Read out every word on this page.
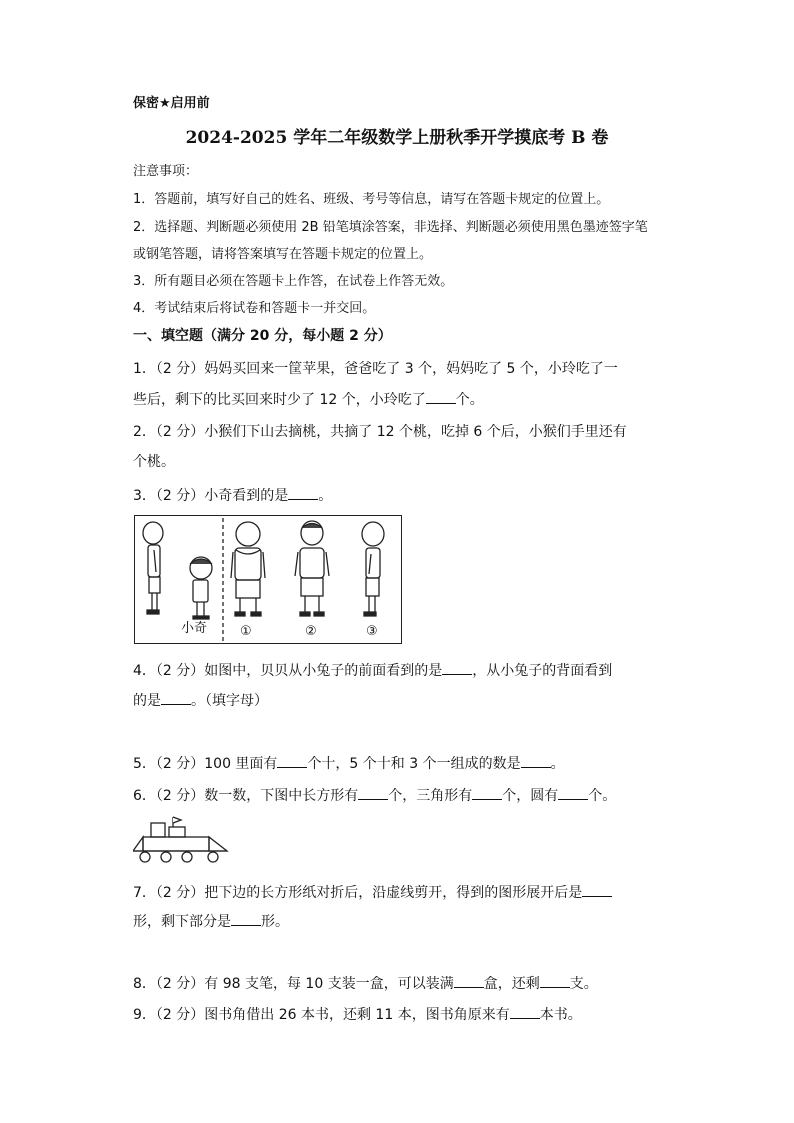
保密★启用前
2024-2025 学年二年级数学上册秋季开学摸底考 B 卷
注意事项：
1．答题前，填写好自己的姓名、班级、考号等信息，请写在答题卡规定的位置上。
2．选择题、判断题必须使用 2B 铅笔填涂答案，非选择、判断题必须使用黑色墨迹签字笔
或钢笔答题，请将答案填写在答题卡规定的位置上。
3．所有题目必须在答题卡上作答，在试卷上作答无效。
4．考试结束后将试卷和答题卡一并交回。
一、填空题（满分 20 分，每小题 2 分）
1．（2 分）妈妈买回来一筐苹果，爸爸吃了 3 个，妈妈吃了 5 个，小玲吃了一
些后，剩下的比买回来时少了 12 个，小玲吃了 个。
2．（2 分）小猴们下山去摘桃，共摘了 12 个桃，吃掉 6 个后，小猴们手里还有
个桃。
3．（2 分）小奇看到的是 。
小奇	①	②	③
4．（2 分）如图中，贝贝从小兔子的前面看到的是 ，从小兔子的背面看到
的是 。（填字母）
5．（2 分）100 里面有 个十，5 个十和 3 个一组成的数是 。
6．（2 分）数一数，下图中长方形有 个，三角形有 个，圆有 个。
7．（2 分）把下边的长方形纸对折后，沿虚线剪开，得到的图形展开后是
形，剩下部分是 形。
8．（2 分）有 98 支笔，每 10 支装一盒，可以装满 盒，还剩 支。
9．（2 分）图书角借出 26 本书，还剩 11 本，图书角原来有 本书。
